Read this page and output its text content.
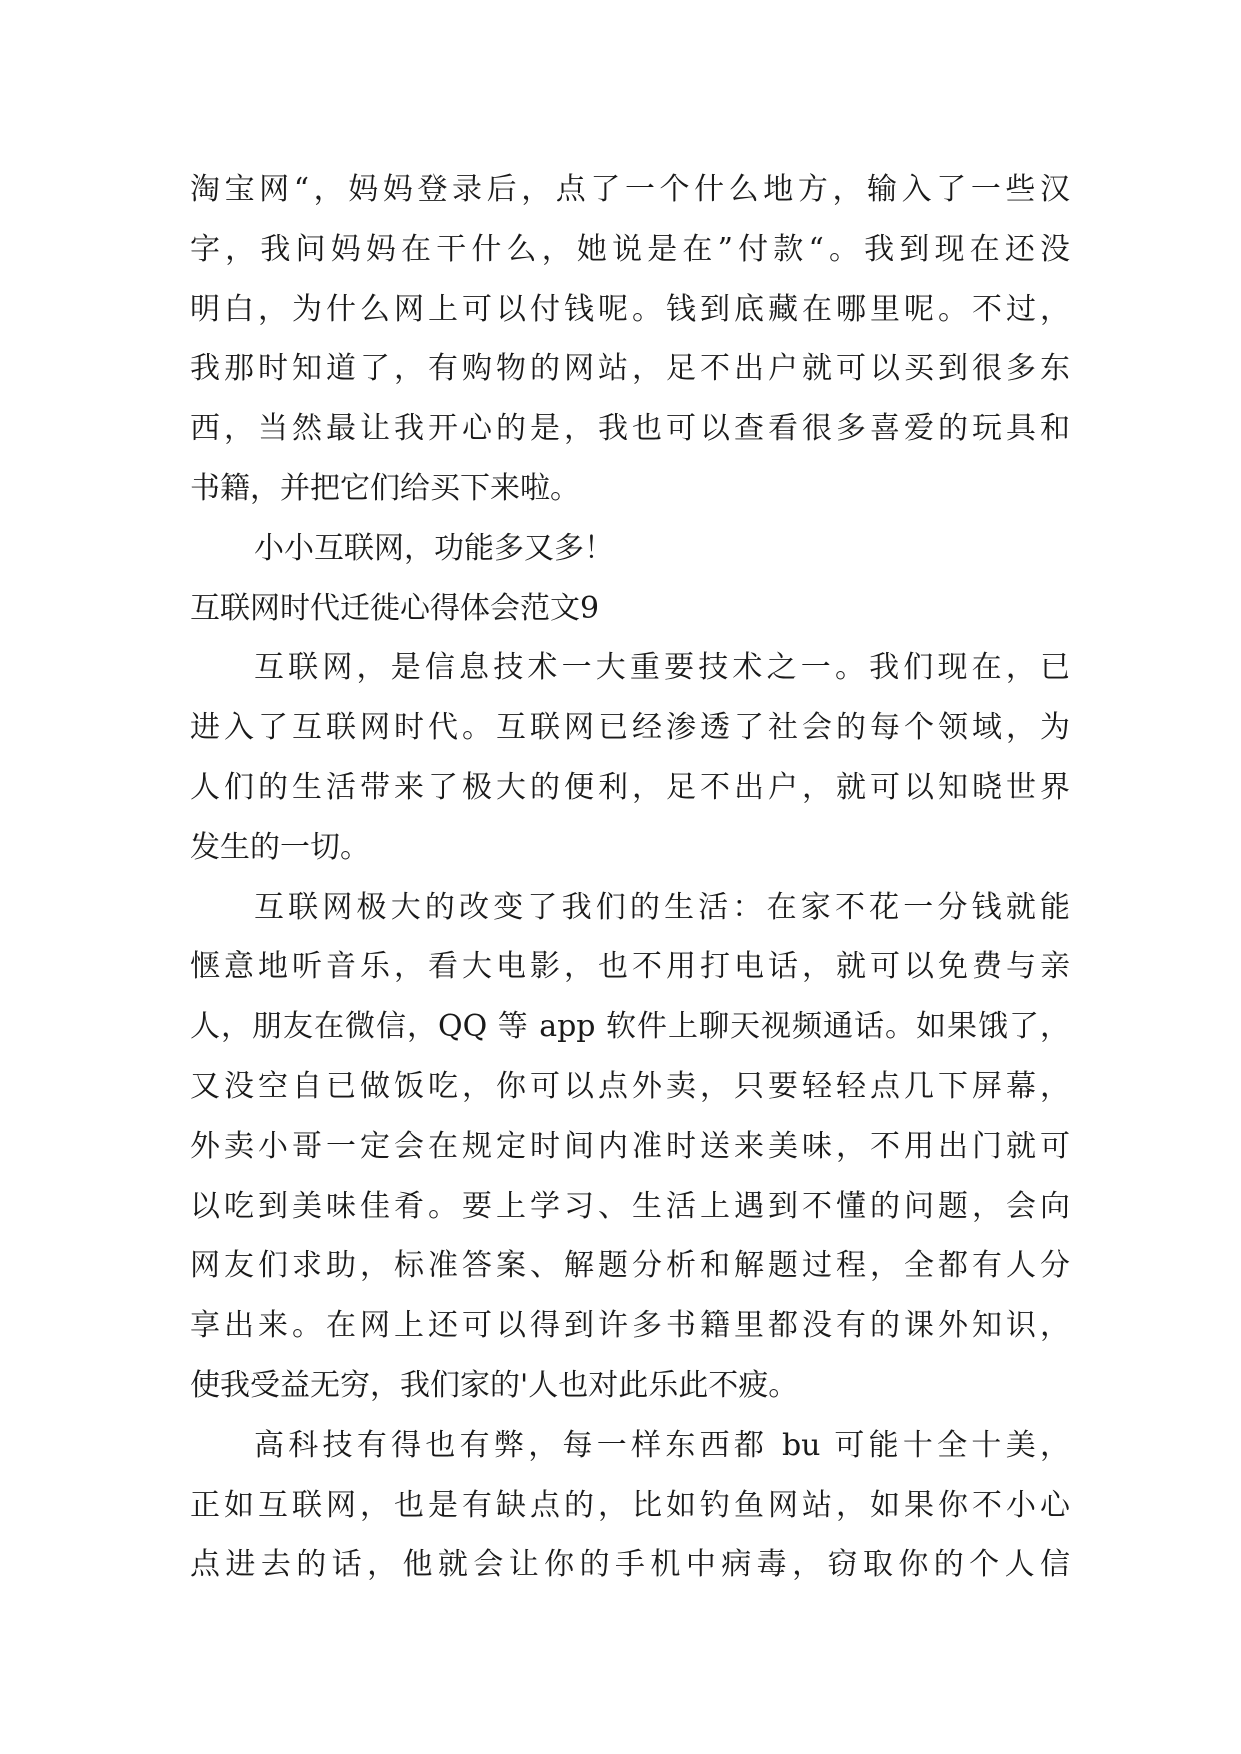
淘宝网“，妈妈登录后，点了一个什么地方，输入了一些汉
字，我问妈妈在干什么，她说是在”付款“。我到现在还没
明白，为什么网上可以付钱呢。钱到底藏在哪里呢。不过，
我那时知道了，有购物的网站，足不出户就可以买到很多东
西，当然最让我开心的是，我也可以查看很多喜爱的玩具和
书籍，并把它们给买下来啦。
小小互联网，功能多又多！
互联网时代迁徙心得体会范文9
互联网，是信息技术一大重要技术之一。我们现在，已
进入了互联网时代。互联网已经渗透了社会的每个领域，为
人们的生活带来了极大的便利，足不出户，就可以知晓世界
发生的一切。
互联网极大的改变了我们的生活：在家不花一分钱就能
惬意地听音乐，看大电影，也不用打电话，就可以免费与亲
人，朋友在微信，QQ 等 app 软件上聊天视频通话。如果饿了，
又没空自已做饭吃，你可以点外卖，只要轻轻点几下屏幕，
外卖小哥一定会在规定时间内准时送来美味，不用出门就可
以吃到美味佳肴。要上学习、生活上遇到不懂的问题，会向
网友们求助，标准答案、解题分析和解题过程，全都有人分
享出来。在网上还可以得到许多书籍里都没有的课外知识，
使我受益无穷，我们家的'人也对此乐此不疲。
高科技有得也有弊，每一样东西都 bu 可能十全十美，
正如互联网，也是有缺点的，比如钓鱼网站，如果你不小心
点进去的话，他就会让你的手机中病毒，窃取你的个人信
